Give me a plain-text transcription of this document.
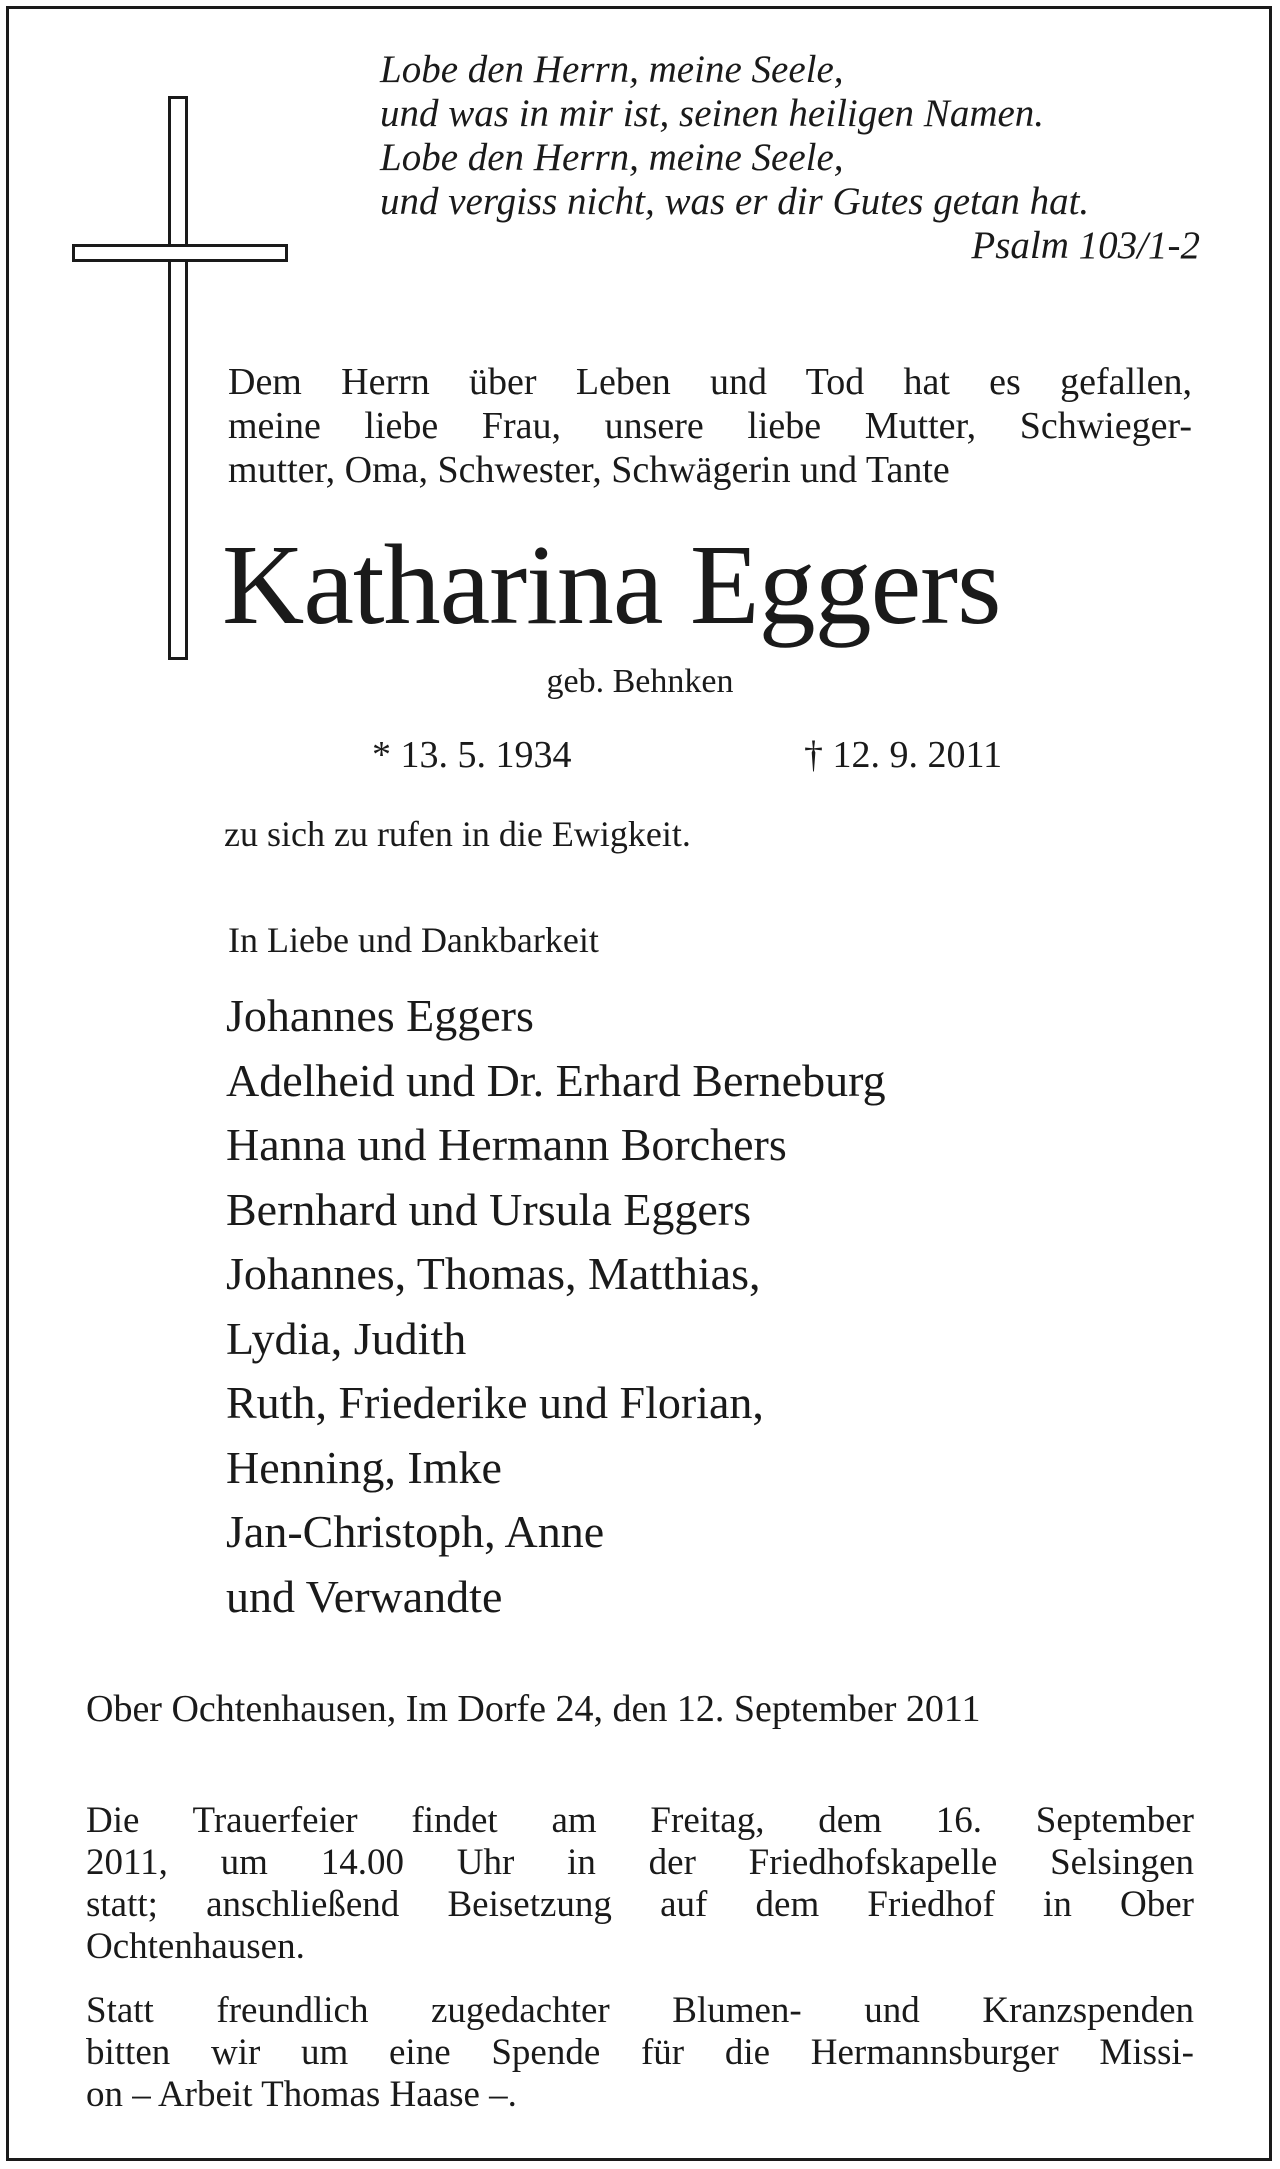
Lobe den Herrn, meine Seele,
und was in mir ist, seinen heiligen Namen.
Lobe den Herrn, meine Seele,
und vergiss nicht, was er dir Gutes getan hat.
Psalm 103/1-2
Dem Herrn über Leben und Tod hat es gefallen,
meine liebe Frau, unsere liebe Mutter, Schwieger-
mutter, Oma, Schwester, Schwägerin und Tante
Katharina Eggers
geb. Behnken
* 13. 5. 1934	† 12. 9. 2011
zu sich zu rufen in die Ewigkeit.
In Liebe und Dankbarkeit
Johannes Eggers
Adelheid und Dr. Erhard Berneburg
Hanna und Hermann Borchers
Bernhard und Ursula Eggers
Johannes, Thomas, Matthias,
Lydia, Judith
Ruth, Friederike und Florian,
Henning, Imke
Jan-Christoph, Anne
und Verwandte
Ober Ochtenhausen, Im Dorfe 24, den 12. September 2011
Die Trauerfeier findet am Freitag, dem 16. September
2011, um 14.00 Uhr in der Friedhofskapelle Selsingen
statt; anschließend Beisetzung auf dem Friedhof in Ober
Ochtenhausen.
Statt freundlich zugedachter Blumen- und Kranzspenden
bitten wir um eine Spende für die Hermannsburger Missi-
on – Arbeit Thomas Haase –.
